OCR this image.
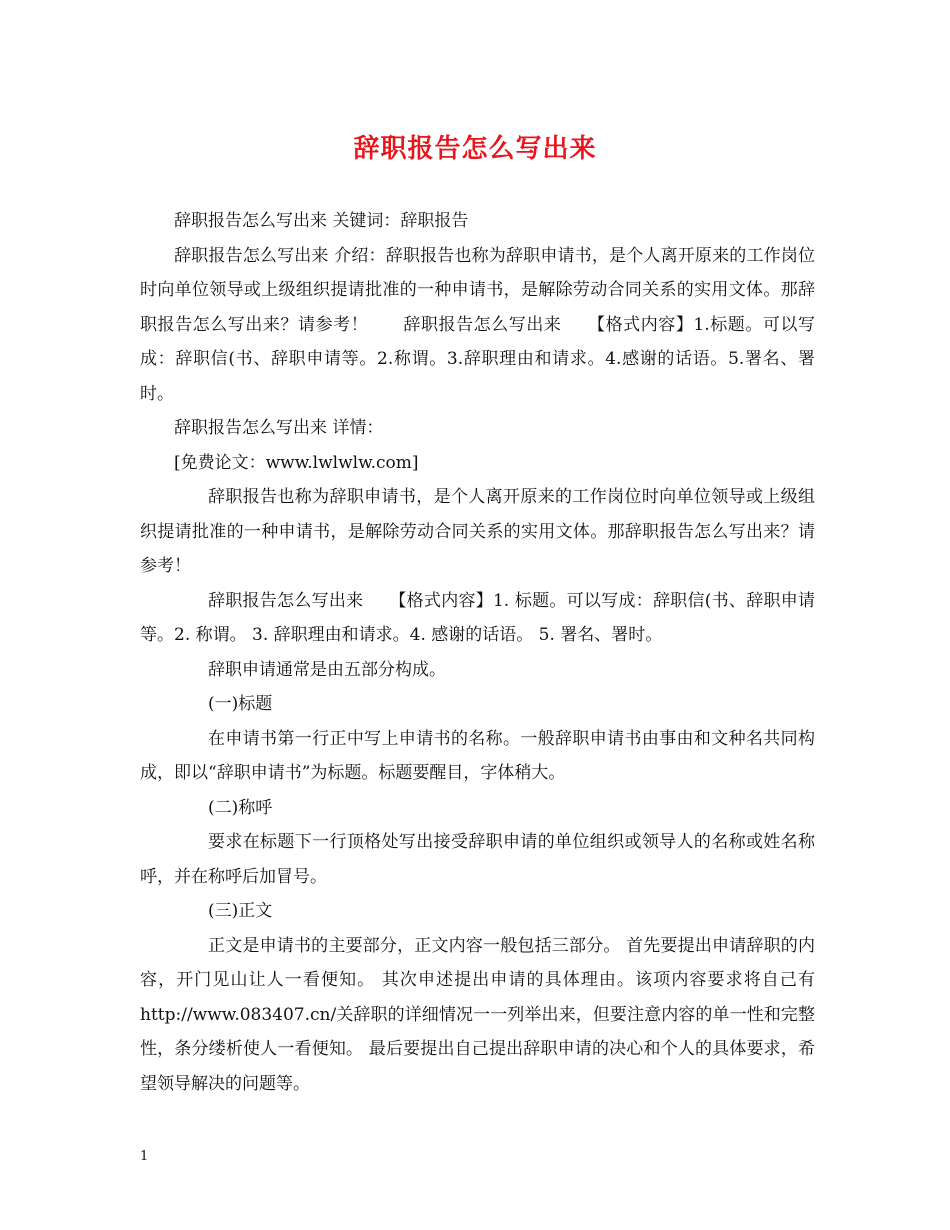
辞职报告怎么写出来

辞职报告怎么写出来 关键词：辞职报告

辞职报告怎么写出来 介绍：辞职报告也称为辞职申请书，是个人离开原来的工作岗位时向单位领导或上级组织提请批准的一种申请书，是解除劳动合同关系的实用文体。那辞职报告怎么写出来？请参考！　　辞职报告怎么写出来　　【格式内容】1.标题。可以写成：辞职信(书、辞职申请等。2.称谓。3.辞职理由和请求。4.感谢的话语。5.署名、署时。

辞职报告怎么写出来 详情：

[免费论文：www.lwlwlw.com]

辞职报告也称为辞职申请书，是个人离开原来的工作岗位时向单位领导或上级组织提请批准的一种申请书，是解除劳动合同关系的实用文体。那辞职报告怎么写出来？请参考！

辞职报告怎么写出来　　【格式内容】1. 标题。可以写成：辞职信(书、辞职申请等。2. 称谓。 3. 辞职理由和请求。4. 感谢的话语。 5. 署名、署时。

辞职申请通常是由五部分构成。

(一)标题

在申请书第一行正中写上申请书的名称。一般辞职申请书由事由和文种名共同构成，即以“辞职申请书”为标题。标题要醒目，字体稍大。

(二)称呼

要求在标题下一行顶格处写出接受辞职申请的单位组织或领导人的名称或姓名称呼，并在称呼后加冒号。

(三)正文

正文是申请书的主要部分，正文内容一般包括三部分。 首先要提出申请辞职的内容，开门见山让人一看便知。 其次申述提出申请的具体理由。该项内容要求将自己有http://www.083407.cn/关辞职的详细情况一一列举出来，但要注意内容的单一性和完整性，条分缕析使人一看便知。 最后要提出自己提出辞职申请的决心和个人的具体要求，希望领导解决的问题等。

1
